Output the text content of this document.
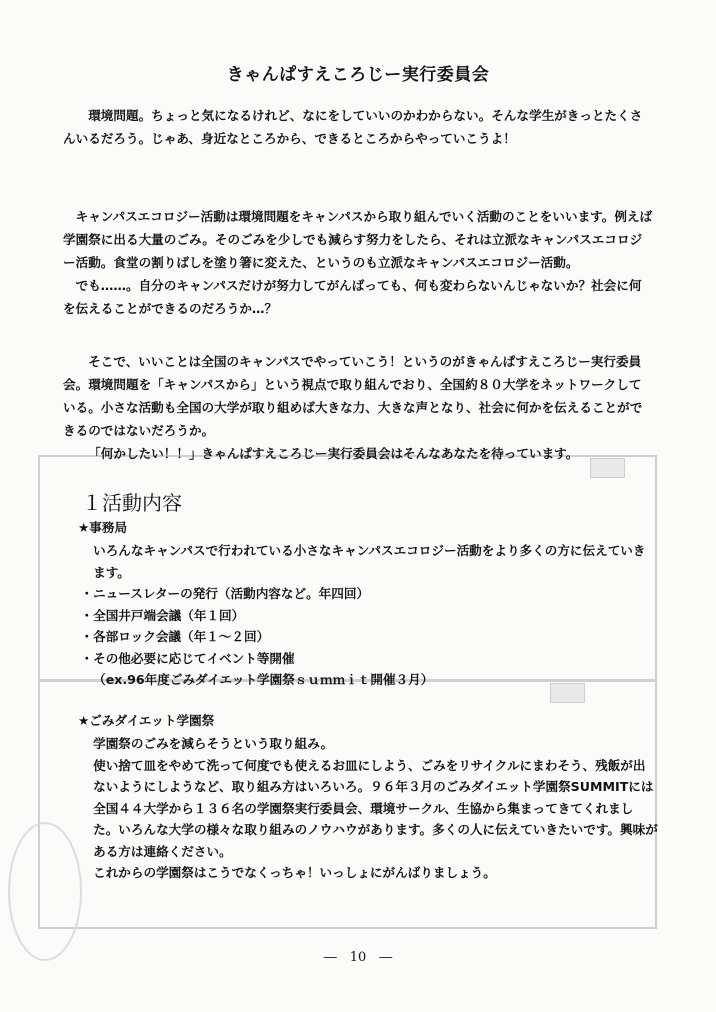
きゃんぱすえころじー実行委員会

環境問題。ちょっと気になるけれど、なにをしていいのかわからない。そんな学生がきっとたくさんいるだろう。じゃあ、身近なところから、できるところからやっていこうよ！

キャンパスエコロジー活動は環境問題をキャンパスから取り組んでいく活動のことをいいます。例えば学園祭に出る大量のごみ。そのごみを少しでも減らす努力をしたら、それは立派なキャンパスエコロジー活動。食堂の割りばしを塗り箸に変えた、というのも立派なキャンパスエコロジー活動。

でも……。自分のキャンパスだけが努力してがんばっても、何も変わらないんじゃないか？社会に何を伝えることができるのだろうか…？

そこで、いいことは全国のキャンパスでやっていこう！というのがきゃんぱすえころじー実行委員会。環境問題を「キャンパスから」という視点で取り組んでおり、全国約８０大学をネットワークしている。小さな活動も全国の大学が取り組めば大きな力、大きな声となり、社会に何かを伝えることができるのではないだろうか。

「何かしたい！！」きゃんぱすえころじー実行委員会はそんなあなたを待っています。

１活動内容
★事務局

いろんなキャンパスで行われている小さなキャンパスエコロジー活動をより多くの方に伝えていきます。

・ニュースレターの発行（活動内容など。年四回）

・全国井戸端会議（年１回）

・各部ロック会議（年１～２回）

・その他必要に応じてイベント等開催

（ex.96年度ごみダイエット学園祭ｓｕｍｍｉｔ開催３月）

★ごみダイエット学園祭

学園祭のごみを減らそうという取り組み。

使い捨て皿をやめて洗って何度でも使えるお皿にしよう、ごみをリサイクルにまわそう、残飯が出ないようにしようなど、取り組み方はいろいろ。９６年３月のごみダイエット学園祭SUMMITには全国４４大学から１３６名の学園祭実行委員会、環境サークル、生協から集まってきてくれました。いろんな大学の様々な取り組みのノウハウがあります。多くの人に伝えていきたいです。興味がある方は連絡ください。

これからの学園祭はこうでなくっちゃ！いっしょにがんばりましょう。

―　10　―
